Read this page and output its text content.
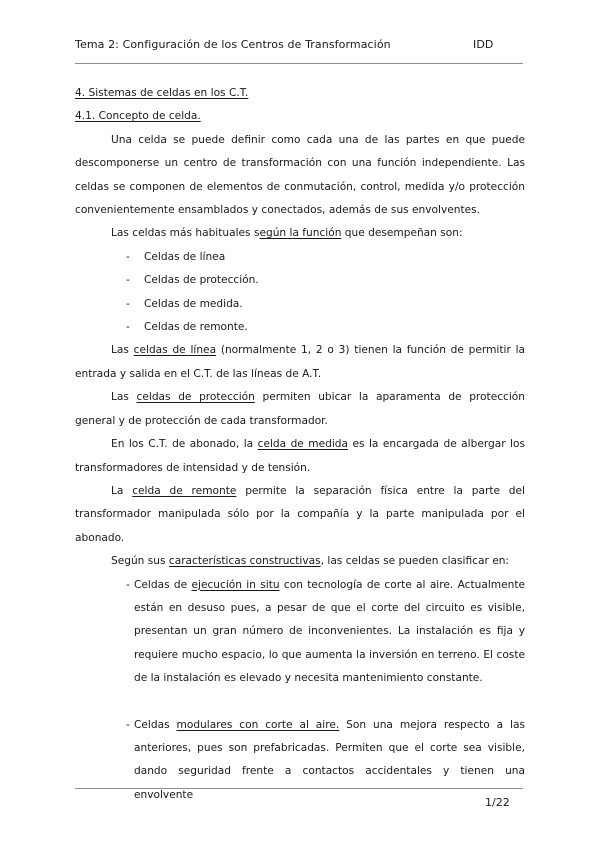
Tema 2: Configuración de los Centros de Transformación	IDD

4. Sistemas de celdas en los C.T.

4.1. Concepto de celda.

Una celda se puede definir como cada una de las partes en que puede descomponerse un centro de transformación con una función independiente. Las celdas se componen de elementos de conmutación, control, medida y/o protección convenientemente ensamblados y conectados, además de sus envolventes.

Las celdas más habituales según la función que desempeñan son:

- Celdas de línea

- Celdas de protección.

- Celdas de medida.

- Celdas de remonte.

Las celdas de línea (normalmente 1, 2 o 3) tienen la función de permitir la entrada y salida en el C.T. de las líneas de A.T.

Las celdas de protección permiten ubicar la aparamenta de protección general y de protección de cada transformador.

En los C.T. de abonado, la celda de medida es la encargada de albergar los transformadores de intensidad y de tensión.

La celda de remonte permite la separación física entre la parte del transformador manipulada sólo por la compañía y la parte manipulada por el abonado.

Según sus características constructivas, las celdas se pueden clasificar en:

- Celdas de ejecución in situ con tecnología de corte al aire. Actualmente están en desuso pues, a pesar de que el corte del circuito es visible, presentan un gran número de inconvenientes. La instalación es fija y requiere mucho espacio, lo que aumenta la inversión en terreno. El coste de la instalación es elevado y necesita mantenimiento constante.

- Celdas modulares con corte al aire. Son una mejora respecto a las anteriores, pues son prefabricadas. Permiten que el corte sea visible, dando seguridad frente a contactos accidentales y tienen una envolvente

1/22
